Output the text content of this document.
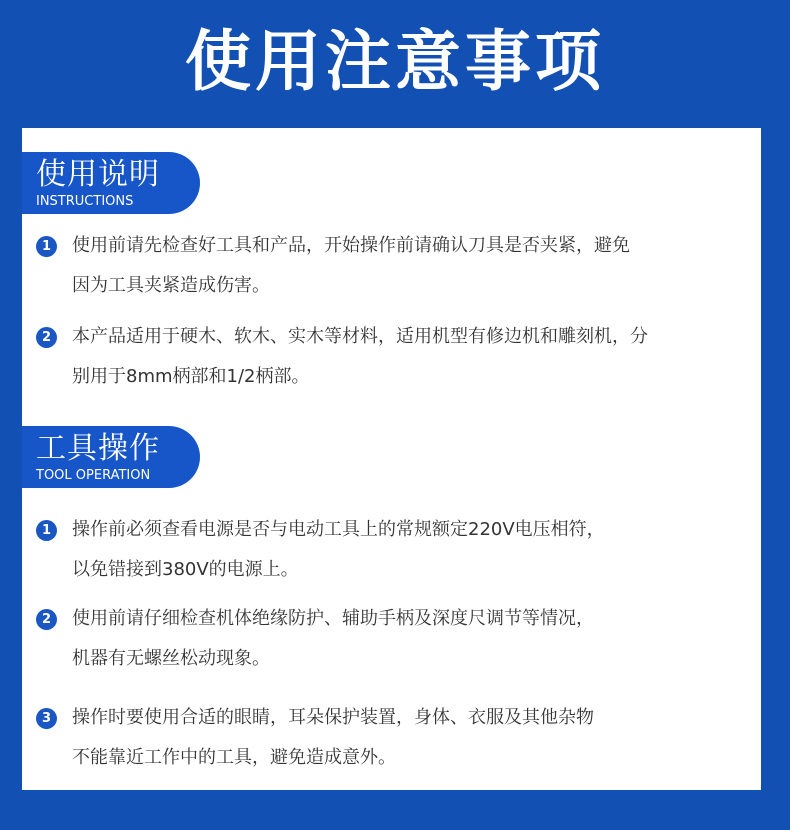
使用注意事项
使用说明
INSTRUCTIONS
1	使用前请先检查好工具和产品，开始操作前请确认刀具是否夹紧，避免
因为工具夹紧造成伤害。
2	本产品适用于硬木、软木、实木等材料，适用机型有修边机和雕刻机，分
别用于8mm柄部和1/2柄部。
工具操作
TOOL OPERATION
1	操作前必须查看电源是否与电动工具上的常规额定220V电压相符，
以免错接到380V的电源上。
2	使用前请仔细检查机体绝缘防护、辅助手柄及深度尺调节等情况，
机器有无螺丝松动现象。
3	操作时要使用合适的眼睛，耳朵保护装置，身体、衣服及其他杂物
不能靠近工作中的工具，避免造成意外。
